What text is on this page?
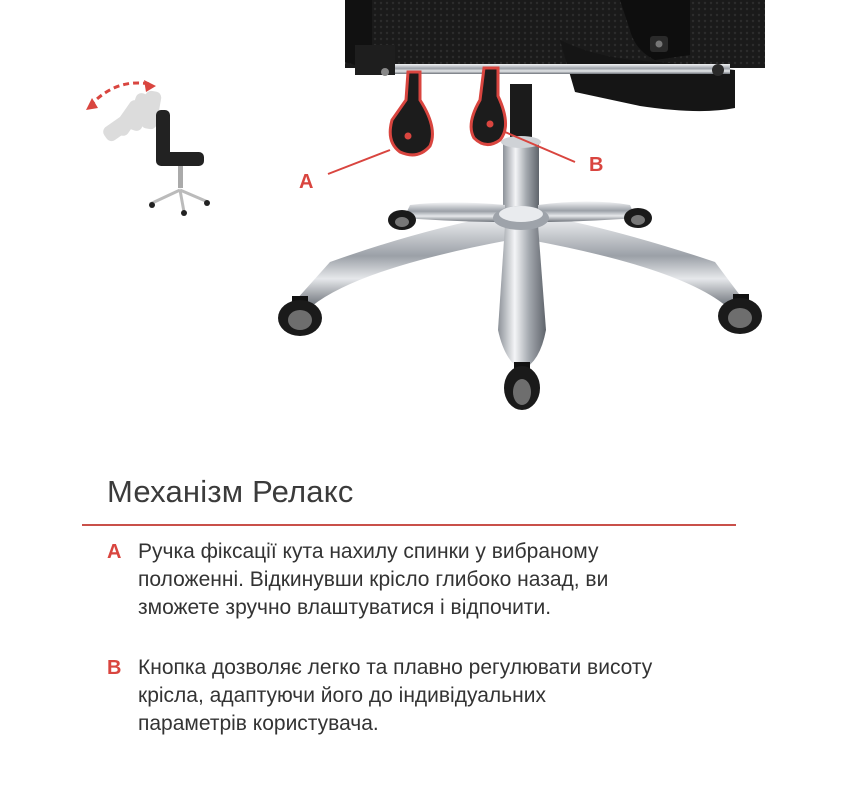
A
B
Механізм Релакс
A Ручка фіксації кута нахилу спинки у вибраному
положенні. Відкинувши крісло глибоко назад, ви
зможете зручно влаштуватися і відпочити.
B Кнопка дозволяє легко та плавно регулювати висоту
крісла, адаптуючи його до індивідуальних
параметрів користувача.
